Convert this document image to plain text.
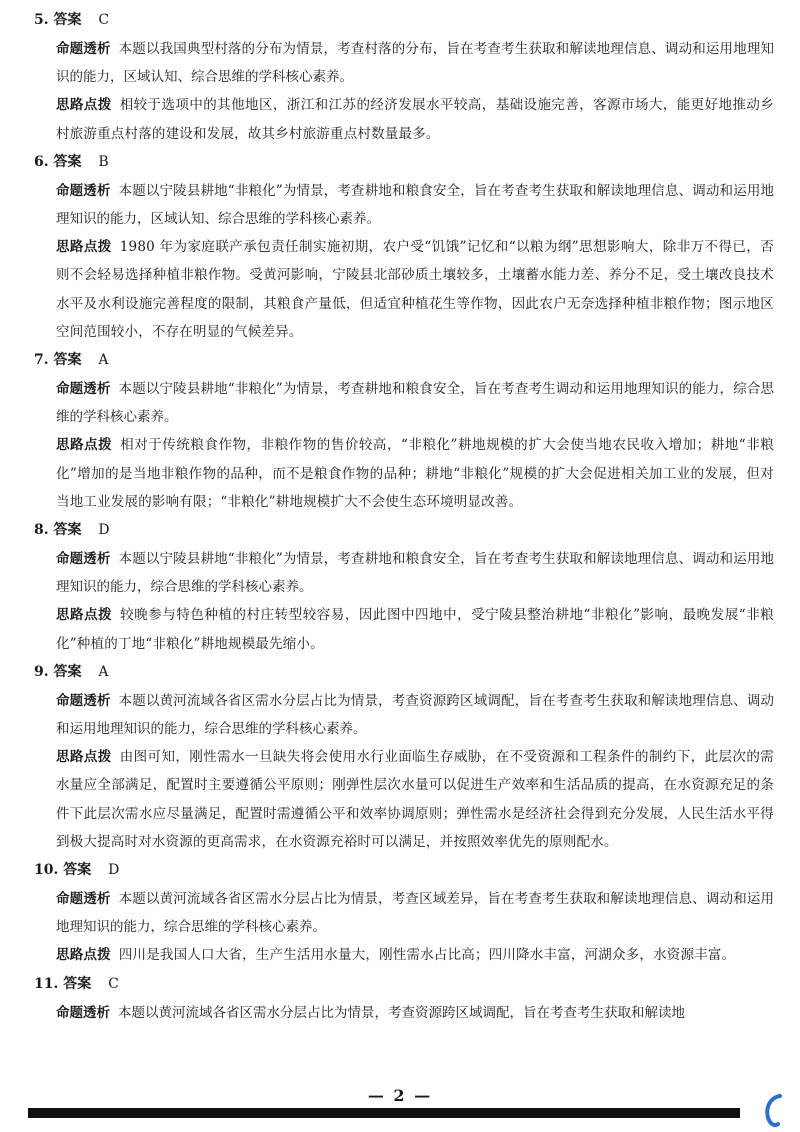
5. 答案 C

命题透析 本题以我国典型村落的分布为情景，考查村落的分布，旨在考查考生获取和解读地理信息、调动和运用地理知识的能力，区域认知、综合思维的学科核心素养。

思路点拨 相较于选项中的其他地区，浙江和江苏的经济发展水平较高，基础设施完善，客源市场大，能更好地推动乡村旅游重点村落的建设和发展，故其乡村旅游重点村数量最多。

6. 答案 B

命题透析 本题以宁陵县耕地“非粮化”为情景，考查耕地和粮食安全，旨在考查考生获取和解读地理信息、调动和运用地理知识的能力，区域认知、综合思维的学科核心素养。

思路点拨 1980 年为家庭联产承包责任制实施初期，农户受“饥饿”记忆和“以粮为纲”思想影响大，除非万不得已，否则不会轻易选择种植非粮作物。受黄河影响，宁陵县北部砂质土壤较多，土壤蓄水能力差、养分不足，受土壤改良技术水平及水利设施完善程度的限制，其粮食产量低，但适宜种植花生等作物，因此农户无奈选择种植非粮作物；图示地区空间范围较小，不存在明显的气候差异。

7. 答案 A

命题透析 本题以宁陵县耕地“非粮化”为情景，考查耕地和粮食安全，旨在考查考生调动和运用地理知识的能力，综合思维的学科核心素养。

思路点拨 相对于传统粮食作物，非粮作物的售价较高，“非粮化”耕地规模的扩大会使当地农民收入增加；耕地“非粮化”增加的是当地非粮作物的品种，而不是粮食作物的品种；耕地“非粮化”规模的扩大会促进相关加工业的发展，但对当地工业发展的影响有限；“非粮化”耕地规模扩大不会使生态环境明显改善。

8. 答案 D

命题透析 本题以宁陵县耕地“非粮化”为情景，考查耕地和粮食安全，旨在考查考生获取和解读地理信息、调动和运用地理知识的能力，综合思维的学科核心素养。

思路点拨 较晚参与特色种植的村庄转型较容易，因此图中四地中，受宁陵县整治耕地“非粮化”影响，最晚发展“非粮化”种植的丁地“非粮化”耕地规模最先缩小。

9. 答案 A

命题透析 本题以黄河流域各省区需水分层占比为情景，考查资源跨区域调配，旨在考查考生获取和解读地理信息、调动和运用地理知识的能力，综合思维的学科核心素养。

思路点拨 由图可知，刚性需水一旦缺失将会使用水行业面临生存威胁，在不受资源和工程条件的制约下，此层次的需水量应全部满足，配置时主要遵循公平原则；刚弹性层次水量可以促进生产效率和生活品质的提高，在水资源充足的条件下此层次需水应尽量满足，配置时需遵循公平和效率协调原则；弹性需水是经济社会得到充分发展，人民生活水平得到极大提高时对水资源的更高需求，在水资源充裕时可以满足，并按照效率优先的原则配水。

10. 答案 D

命题透析 本题以黄河流域各省区需水分层占比为情景，考查区域差异，旨在考查考生获取和解读地理信息、调动和运用地理知识的能力，综合思维的学科核心素养。

思路点拨 四川是我国人口大省，生产生活用水量大，刚性需水占比高；四川降水丰富，河湖众多，水资源丰富。

11. 答案 C

命题透析 本题以黄河流域各省区需水分层占比为情景，考查资源跨区域调配，旨在考查考生获取和解读地

— 2 —
